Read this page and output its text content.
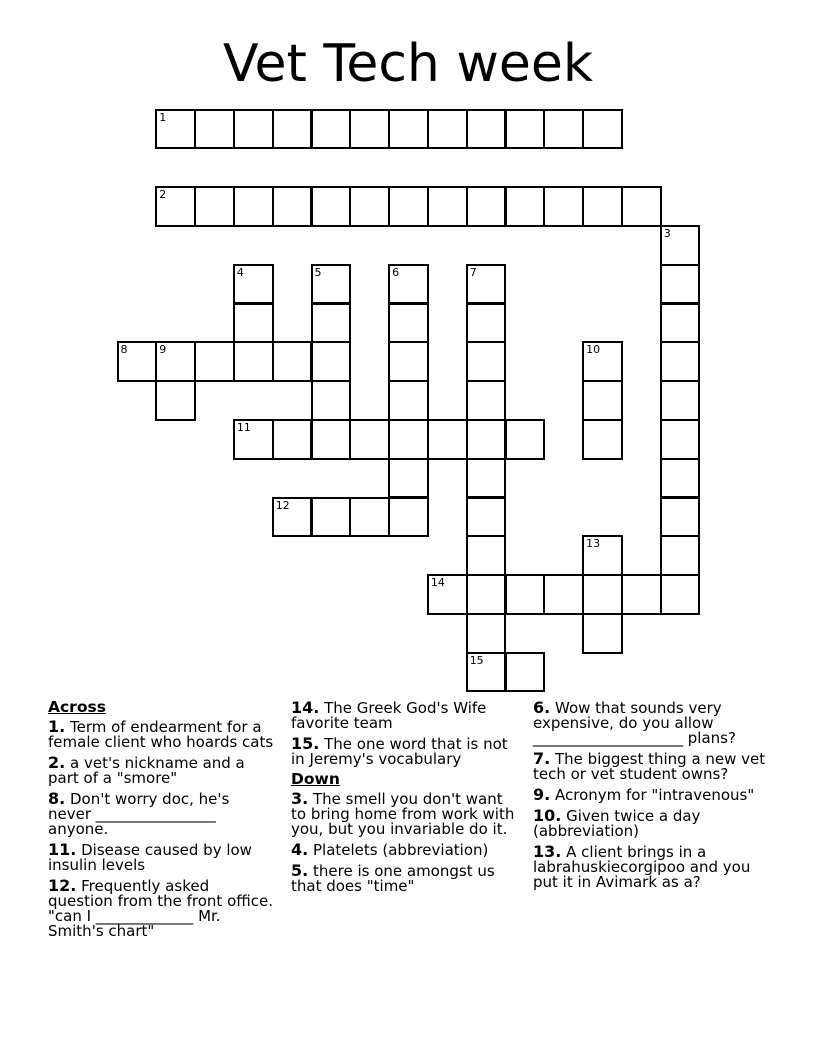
Vet Tech week
1
2
3
4	5	6	7
15
8	9	10
11
12
13
14
Across
1. Term of endearment for a female client who hoards cats
2. a vet's nickname and a part of a "smore"
8. Don't worry doc, he's never ________________ anyone.
11. Disease caused by low insulin levels
12. Frequently asked question from the front office. "can I _____________ Mr. Smith's chart"
14. The Greek God's Wife favorite team
15. The one word that is not in Jeremy's vocabulary
Down
3. The smell you don't want to bring home from work with you, but you invariable do it.
4. Platelets (abbreviation)
5. there is one amongst us that does "time"
6. Wow that sounds very expensive, do you allow ____________________ plans?
7. The biggest thing a new vet tech or vet student owns?
9. Acronym for "intravenous"
10. Given twice a day (abbreviation)
13. A client brings in a labrahuskiecorgipoo and you put it in Avimark as a?
